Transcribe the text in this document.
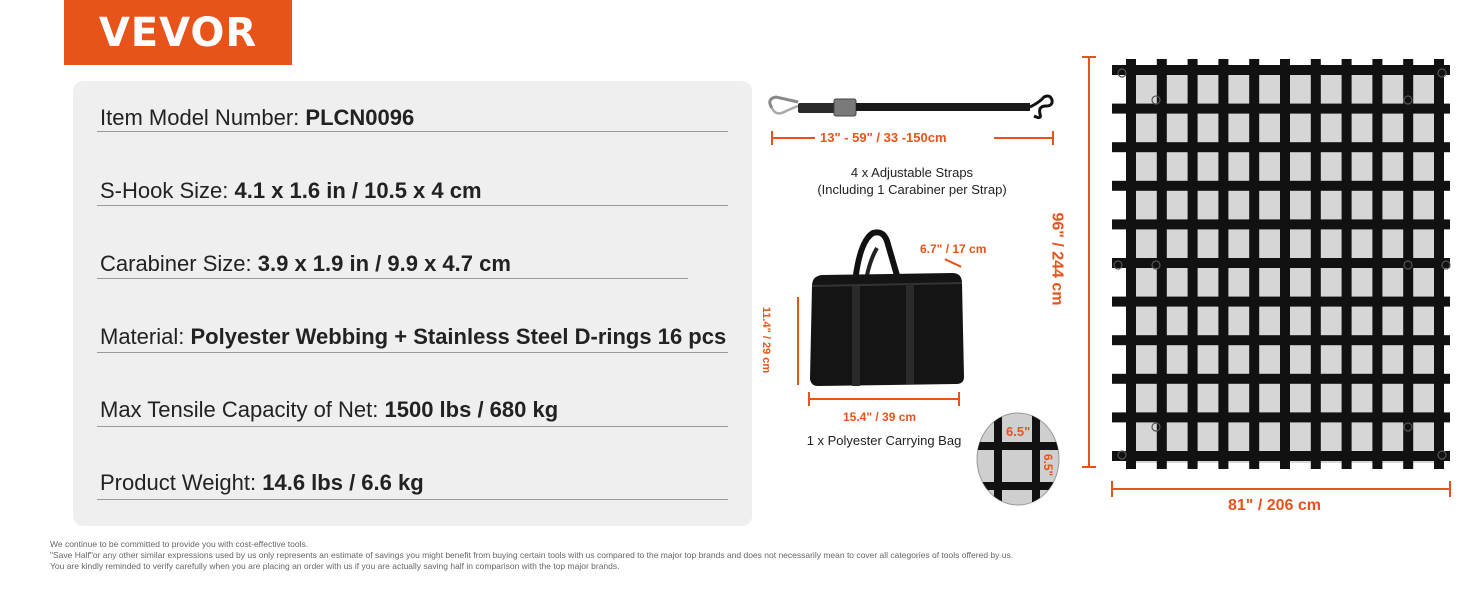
VEVOR
Item Model Number: PLCN0096
S-Hook Size: 4.1 x 1.6 in / 10.5 x 4 cm
Carabiner Size: 3.9 x 1.9 in / 9.9 x 4.7 cm
Material: Polyester Webbing + Stainless Steel D-rings 16 pcs
Max Tensile Capacity of Net: 1500 lbs / 680 kg
Product Weight: 14.6 lbs / 6.6 kg
We continue to be committed to provide you with cost-effective tools.
"Save Half"or any other similar expressions used by us only represents an estimate of savings you might benefit from buying certain tools with us compared to the major top brands and does not necessarily mean to cover all categories of tools offered by us.
You are kindly reminded to verify carefully when you are placing an order with us if you are actually saving half in comparison with the top major brands.
13" - 59" / 33 -150cm
4 x Adjustable Straps
(Including 1 Carabiner per Strap)
6.7" / 17 cm
11.4" / 29 cm
15.4" / 39 cm
1 x Polyester Carrying Bag
6.5"
6.5"
96" / 244 cm
81" / 206 cm
